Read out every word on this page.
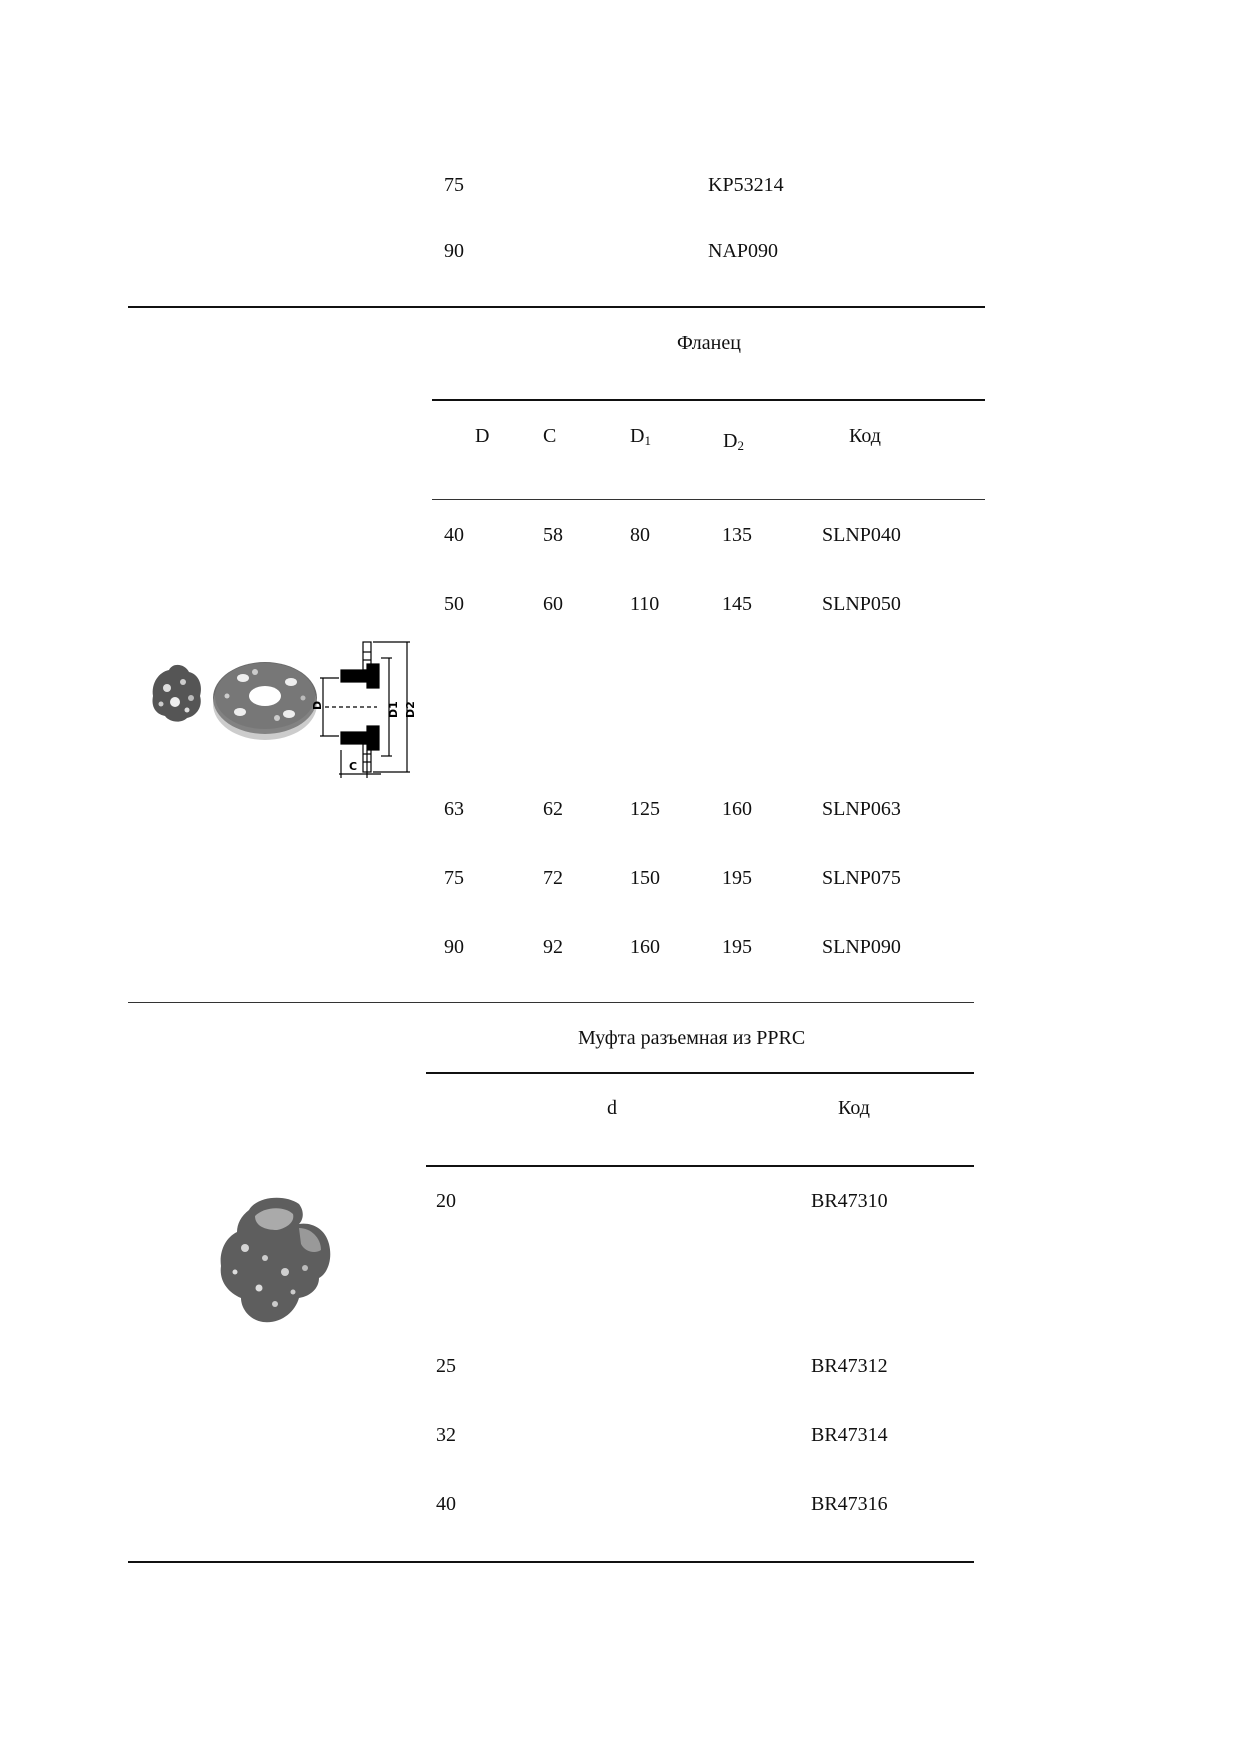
75	KP53214
90	NAP090
Фланец
D	C	$D_1$	$D_2$	Код
40	58	80	135	SLNP040
50	60	110	145	SLNP050
63	62	125	160	SLNP063
75	72	150	195	SLNP075
90	92	160	195	SLNP090
D	D1 D2
C
Муфта разъемная из PPRC
d	Код
20	BR47310
25	BR47312
32	BR47314
40	BR47316
